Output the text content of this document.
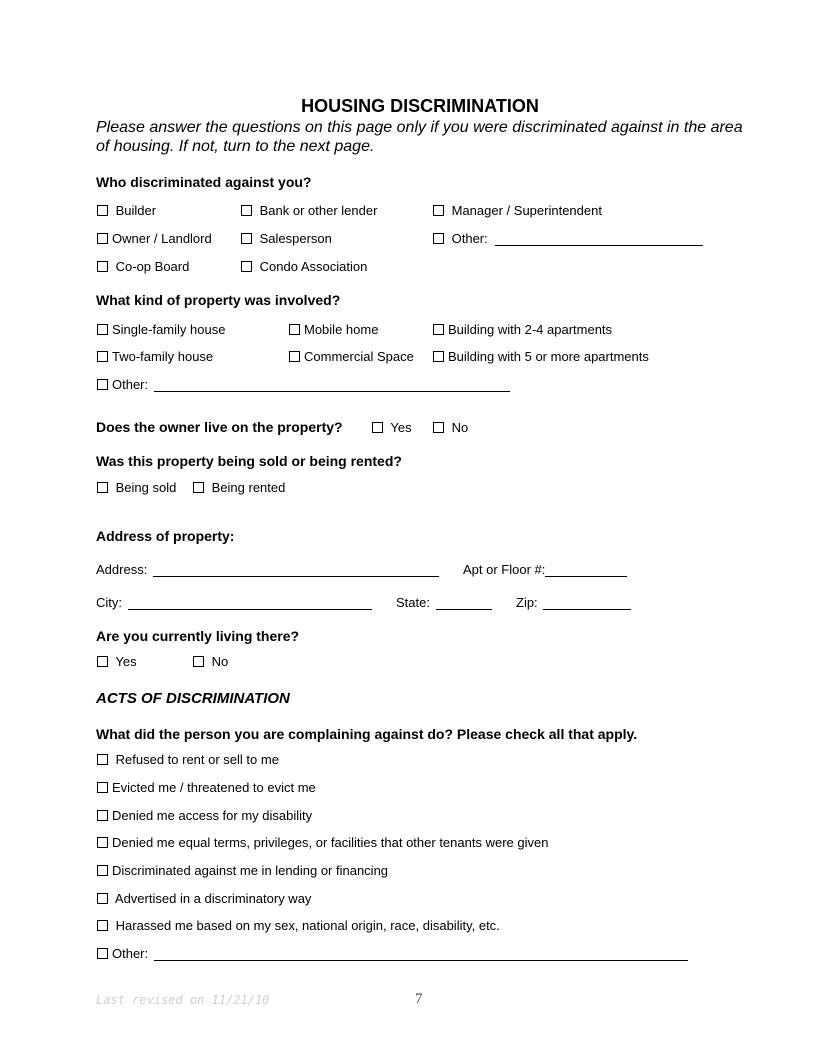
HOUSING DISCRIMINATION
Please answer the questions on this page only if you were discriminated against in the area of housing. If not, turn to the next page.
Who discriminated against you?
Builder	Bank or other lender	Manager / Superintendent
Owner / Landlord	Salesperson	Other:
Co-op Board	Condo Association
What kind of property was involved?
Single-family house	Mobile home	Building with 2-4 apartments
Two-family house	Commercial Space	Building with 5 or more apartments
Other:
Does the owner live on the property?	Yes	No
Was this property being sold or being rented?
Being sold	Being rented
Address of property:
Address:	Apt or Floor #:
City:	State:	Zip:
Are you currently living there?
Yes	No
ACTS OF DISCRIMINATION
What did the person you are complaining against do? Please check all that apply.
Refused to rent or sell to me
Evicted me / threatened to evict me
Denied me access for my disability
Denied me equal terms, privileges, or facilities that other tenants were given
Discriminated against me in lending or financing
Advertised in a discriminatory way
Harassed me based on my sex, national origin, race, disability, etc.
Other:
Last revised on 11/21/10	7
